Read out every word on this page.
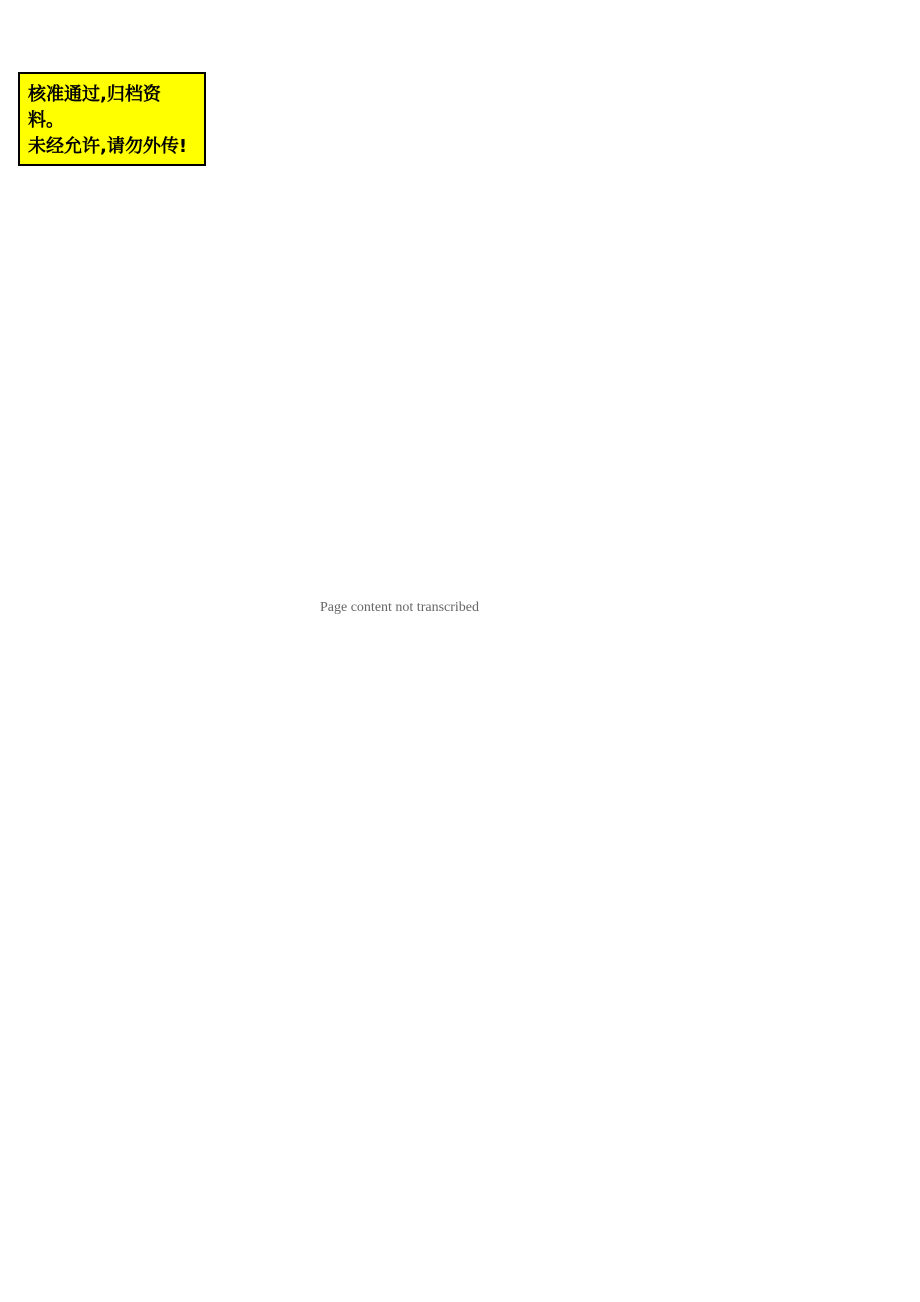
核准通过,归档资料。
未经允许,请勿外传!
Page content not transcribed
